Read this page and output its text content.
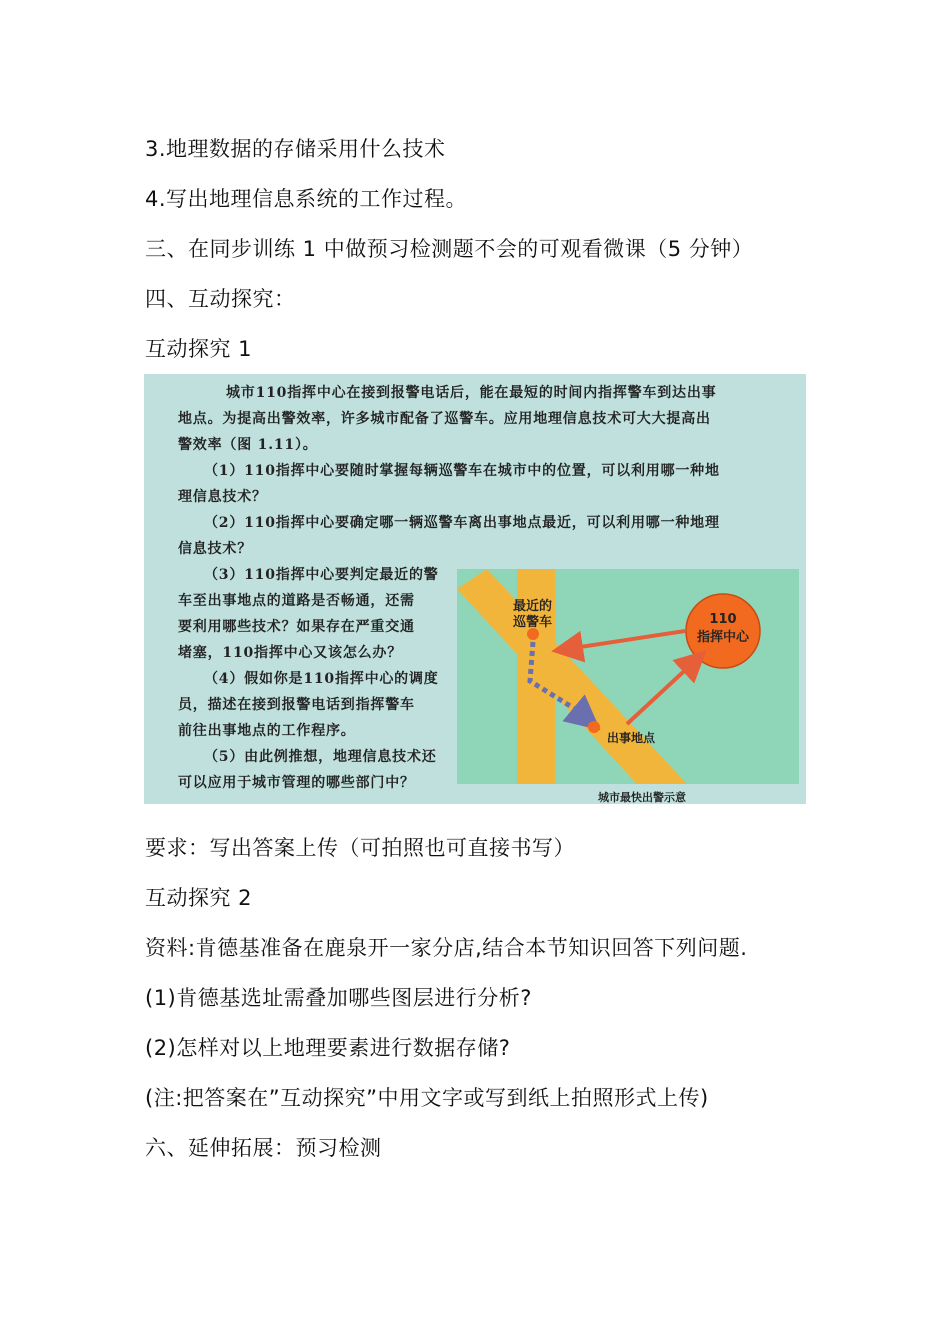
3.地理数据的存储采用什么技术
4.写出地理信息系统的工作过程。
三、在同步训练 1 中做预习检测题不会的可观看微课（5 分钟）
四、互动探究：
互动探究 1
城市110指挥中心在接到报警电话后，能在最短的时间内指挥警车到达出事
地点。为提高出警效率，许多城市配备了巡警车。应用地理信息技术可大大提高出
警效率（图 1.11）。
（1）110指挥中心要随时掌握每辆巡警车在城市中的位置，可以利用哪一种地
理信息技术？
（2）110指挥中心要确定哪一辆巡警车离出事地点最近，可以利用哪一种地理
信息技术？
（3）110指挥中心要判定最近的警
车至出事地点的道路是否畅通，还需
要利用哪些技术？如果存在严重交通
堵塞，110指挥中心又该怎么办？
（4）假如你是110指挥中心的调度
员，描述在接到报警电话到指挥警车
前往出事地点的工作程序。
（5）由此例推想，地理信息技术还
可以应用于城市管理的哪些部门中？
最近的
巡警车	110
指挥中心
出事地点
城市最快出警示意
要求：写出答案上传（可拍照也可直接书写）
互动探究 2
资料:肯德基准备在鹿泉开一家分店,结合本节知识回答下列问题.
(1)肯德基选址需叠加哪些图层进行分析?
(2)怎样对以上地理要素进行数据存储?
(注:把答案在”互动探究”中用文字或写到纸上拍照形式上传)
六、延伸拓展：预习检测
